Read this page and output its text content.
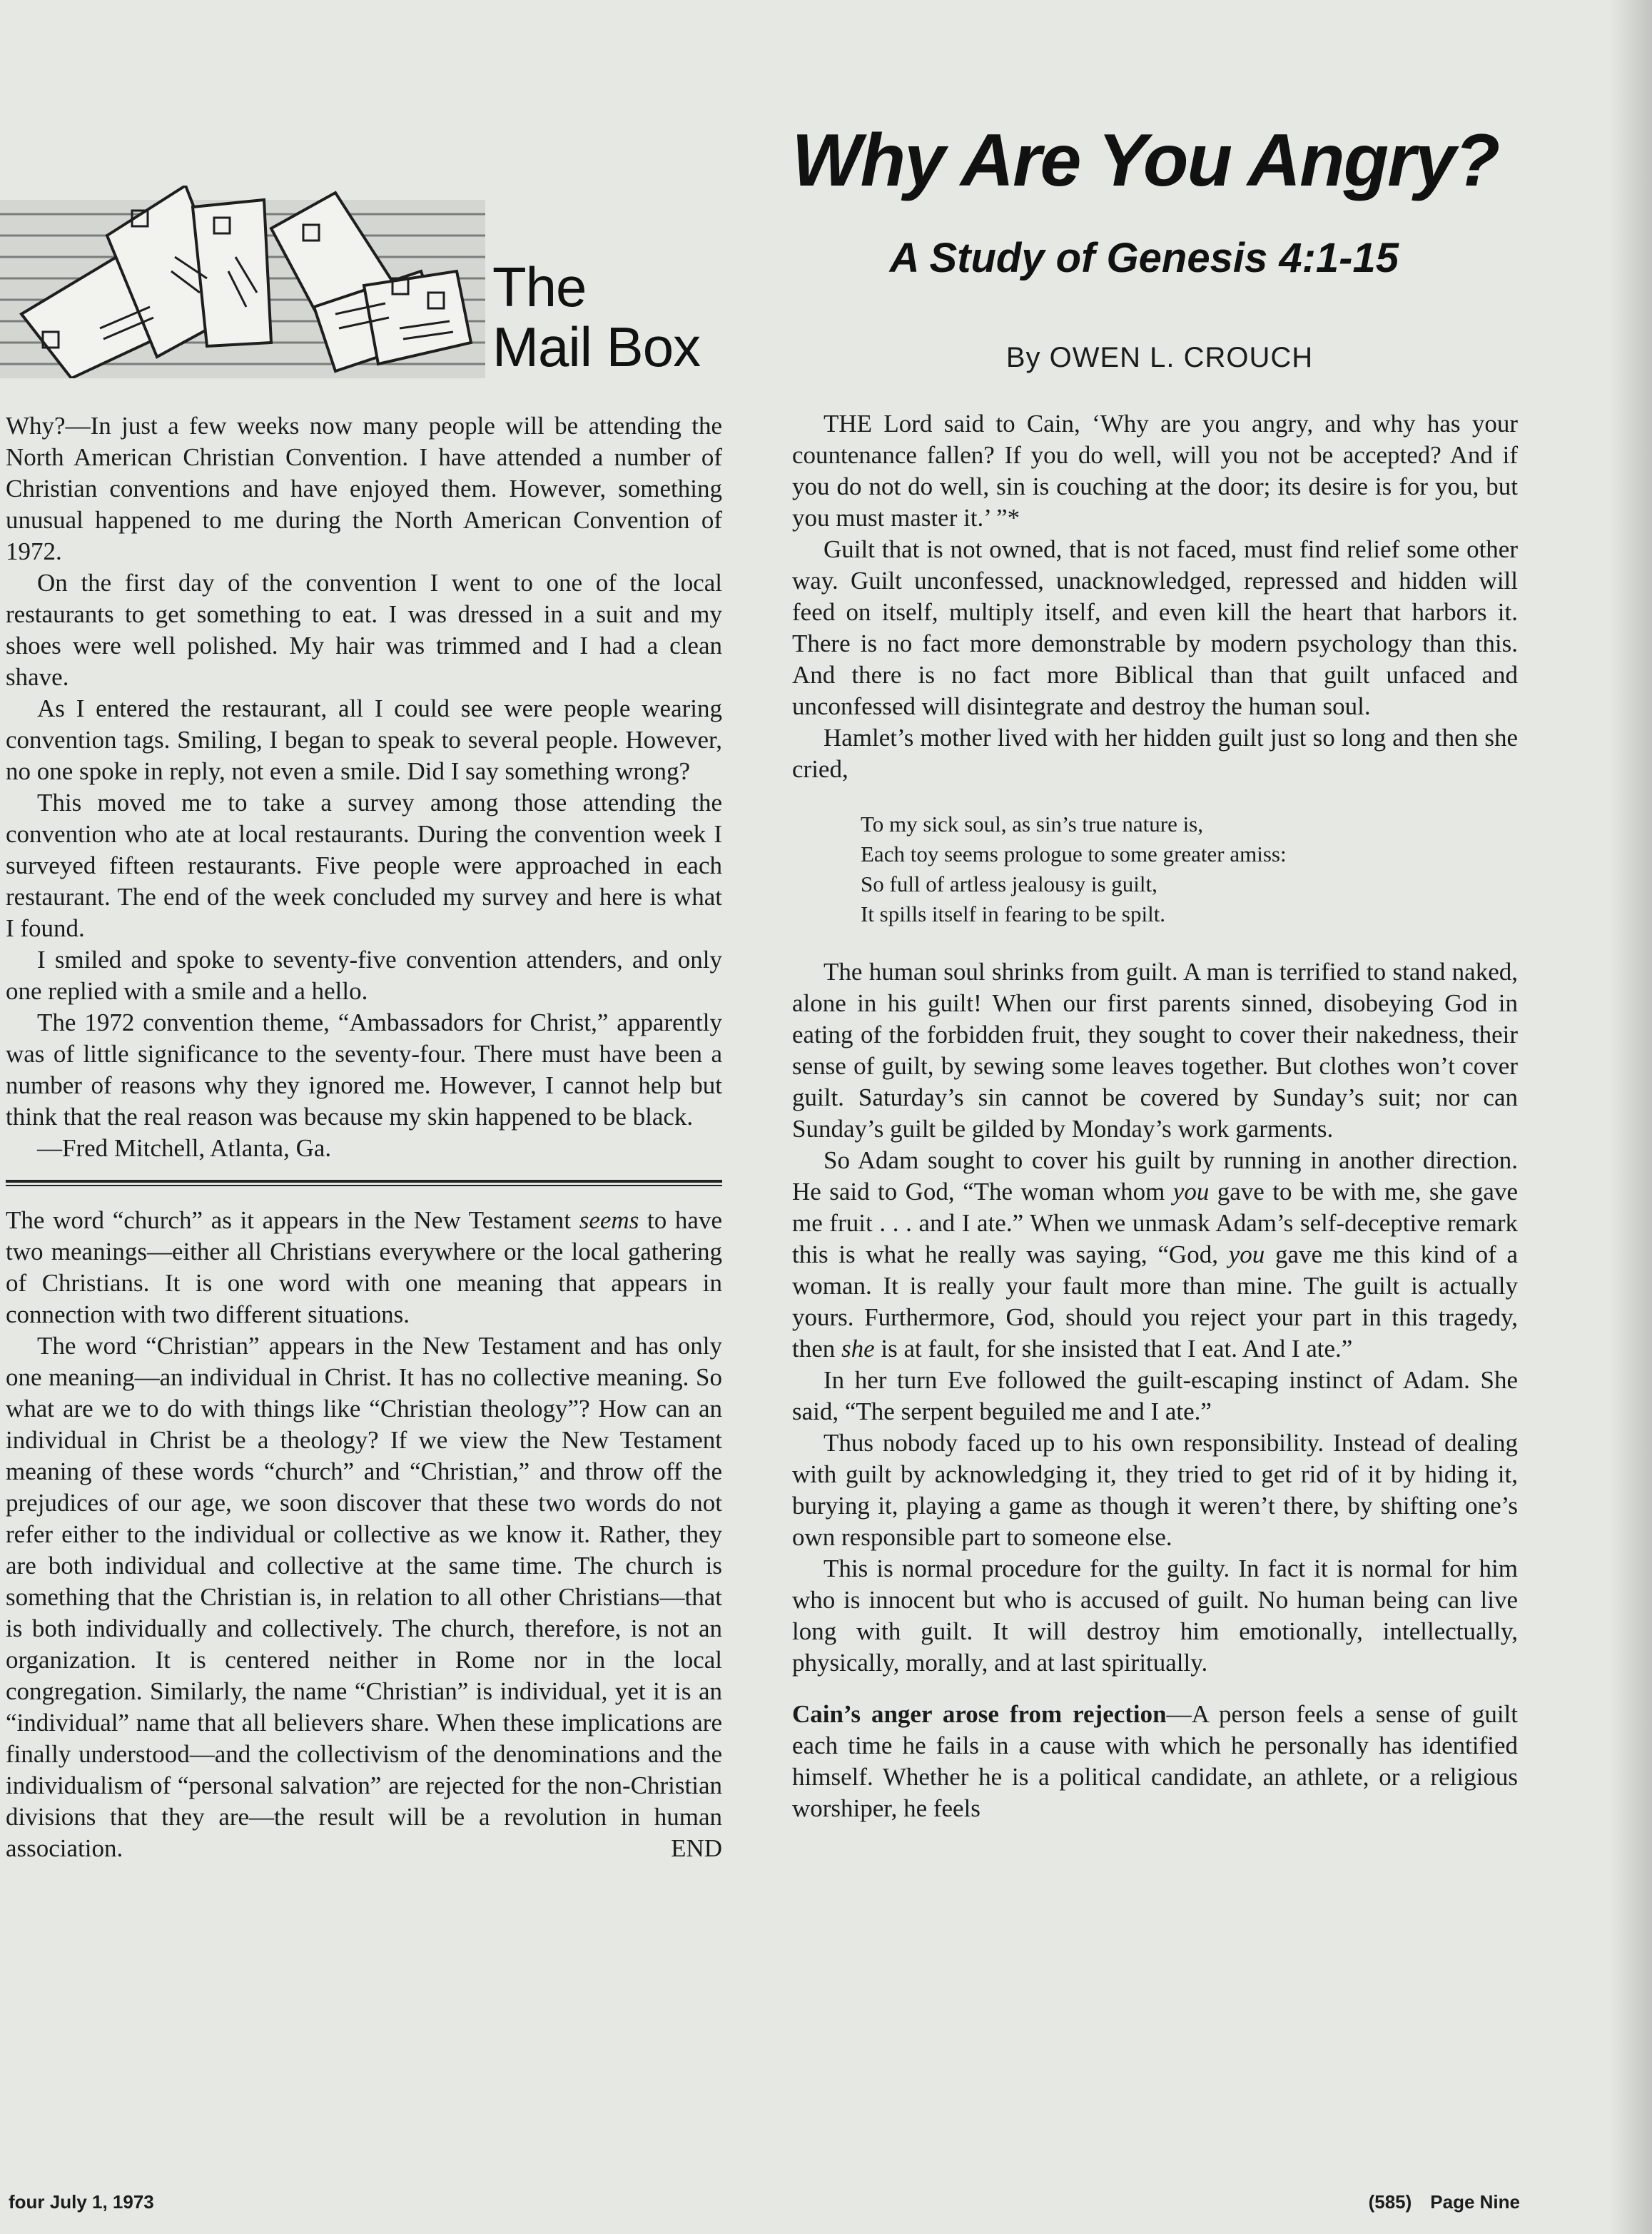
The
Mail Box

Why?—In just a few weeks now many people will be attending the North American Christian Convention. I have attended a number of Christian conventions and have enjoyed them. However, something unusual happened to me during the North American Convention of 1972.

On the first day of the convention I went to one of the local restaurants to get something to eat. I was dressed in a suit and my shoes were well polished. My hair was trimmed and I had a clean shave.

As I entered the restaurant, all I could see were people wearing convention tags. Smiling, I began to speak to several people. However, no one spoke in reply, not even a smile. Did I say something wrong?

This moved me to take a survey among those attending the convention who ate at local restaurants. During the convention week I surveyed fifteen restaurants. Five people were approached in each restaurant. The end of the week concluded my survey and here is what I found.

I smiled and spoke to seventy-five convention attenders, and only one replied with a smile and a hello.

The 1972 convention theme, “Ambassadors for Christ,” apparently was of little significance to the seventy-four. There must have been a number of reasons why they ignored me. However, I cannot help but think that the real reason was because my skin happened to be black.

—Fred Mitchell, Atlanta, Ga.

The word “church” as it appears in the New Testament seems to have two meanings—either all Christians everywhere or the local gathering of Christians. It is one word with one meaning that appears in connection with two different situations.

The word “Christian” appears in the New Testament and has only one meaning—an individual in Christ. It has no collective meaning. So what are we to do with things like “Christian theology”? How can an individual in Christ be a theology? If we view the New Testament meaning of these words “church” and “Christian,” and throw off the prejudices of our age, we soon discover that these two words do not refer either to the individual or collective as we know it. Rather, they are both individual and collective at the same time. The church is something that the Christian is, in relation to all other Christians—that is both individually and collectively. The church, therefore, is not an organization. It is centered neither in Rome nor in the local congregation. Similarly, the name “Christian” is individual, yet it is an “individual” name that all believers share. When these implications are finally understood—and the collectivism of the denominations and the individualism of “personal salvation” are rejected for the non-Christian divisions that they are—the result will be a revolution in human association.	END

Why Are You Angry?
A Study of Genesis 4:1-15
By OWEN L. CROUCH

THE Lord said to Cain, ‘Why are you angry, and why has your countenance fallen? If you do well, will you not be accepted? And if you do not do well, sin is couching at the door; its desire is for you, but you must master it.’ ”*

Guilt that is not owned, that is not faced, must find relief some other way. Guilt unconfessed, unacknowledged, repressed and hidden will feed on itself, multiply itself, and even kill the heart that harbors it. There is no fact more demonstrable by modern psychology than this. And there is no fact more Biblical than that guilt unfaced and unconfessed will disintegrate and destroy the human soul.

Hamlet’s mother lived with her hidden guilt just so long and then she cried,

To my sick soul, as sin’s true nature is,
Each toy seems prologue to some greater amiss:
So full of artless jealousy is guilt,
It spills itself in fearing to be spilt.

The human soul shrinks from guilt. A man is terrified to stand naked, alone in his guilt! When our first parents sinned, disobeying God in eating of the forbidden fruit, they sought to cover their nakedness, their sense of guilt, by sewing some leaves together. But clothes won’t cover guilt. Saturday’s sin cannot be covered by Sunday’s suit; nor can Sunday’s guilt be gilded by Monday’s work garments.

So Adam sought to cover his guilt by running in another direction. He said to God, “The woman whom you gave to be with me, she gave me fruit . . . and I ate.” When we unmask Adam’s self-deceptive remark this is what he really was saying, “God, you gave me this kind of a woman. It is really your fault more than mine. The guilt is actually yours. Furthermore, God, should you reject your part in this tragedy, then she is at fault, for she insisted that I eat. And I ate.”

In her turn Eve followed the guilt-escaping instinct of Adam. She said, “The serpent beguiled me and I ate.”

Thus nobody faced up to his own responsibility. Instead of dealing with guilt by acknowledging it, they tried to get rid of it by hiding it, burying it, playing a game as though it weren’t there, by shifting one’s own responsible part to someone else.

This is normal procedure for the guilty. In fact it is normal for him who is innocent but who is accused of guilt. No human being can live long with guilt. It will destroy him emotionally, intellectually, physically, morally, and at last spiritually.

Cain’s anger arose from rejection—A person feels a sense of guilt each time he fails in a cause with which he personally has identified himself. Whether he is a political candidate, an athlete, or a religious worshiper, he feels

four July 1, 1973	(585) Page Nine
